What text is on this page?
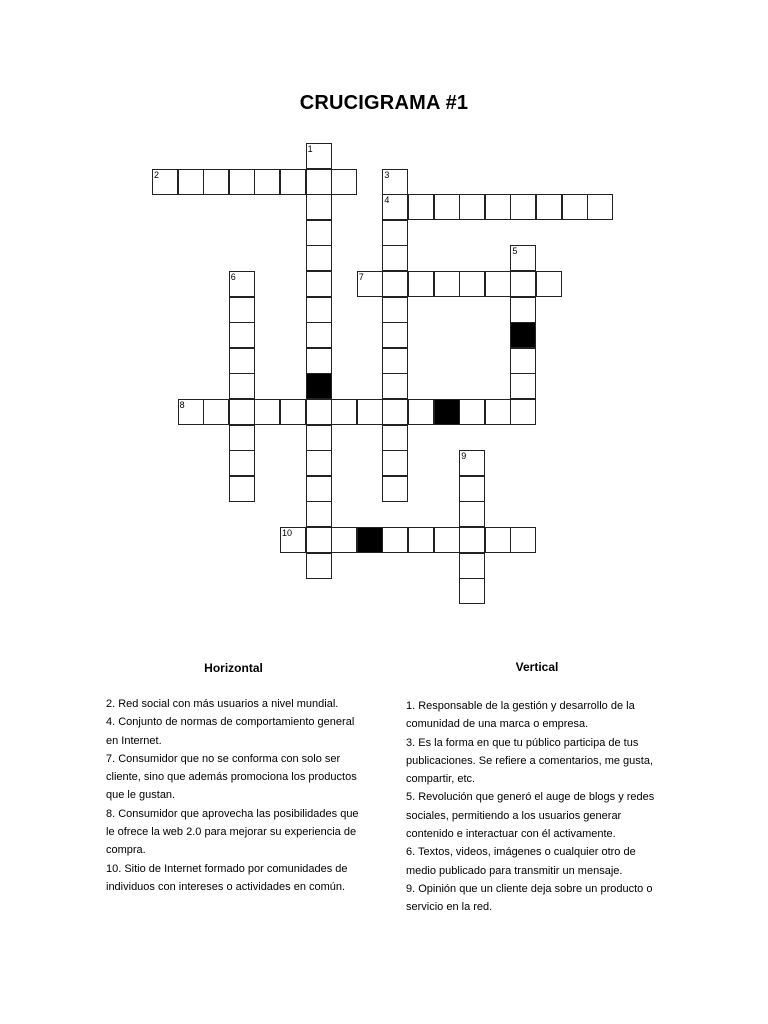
CRUCIGRAMA #1
1
2	3
4
5
6	7
8
9
10
Horizontal

2. Red social con más usuarios a nivel mundial.

4. Conjunto de normas de comportamiento general en Internet.

7. Consumidor que no se conforma con solo ser cliente, sino que además promociona los productos que le gustan.

8. Consumidor que aprovecha las posibilidades que le ofrece la web 2.0 para mejorar su experiencia de compra.

10. Sitio de Internet formado por comunidades de individuos con intereses o actividades en común.

Vertical

1. Responsable de la gestión y desarrollo de la comunidad de una marca o empresa.

3. Es la forma en que tu público participa de tus publicaciones. Se refiere a comentarios, me gusta, compartir, etc.

5. Revolución que generó el auge de blogs y redes sociales, permitiendo a los usuarios generar contenido e interactuar con él activamente.

6. Textos, videos, imágenes o cualquier otro de medio publicado para transmitir un mensaje.

9. Opinión que un cliente deja sobre un producto o servicio en la red.
